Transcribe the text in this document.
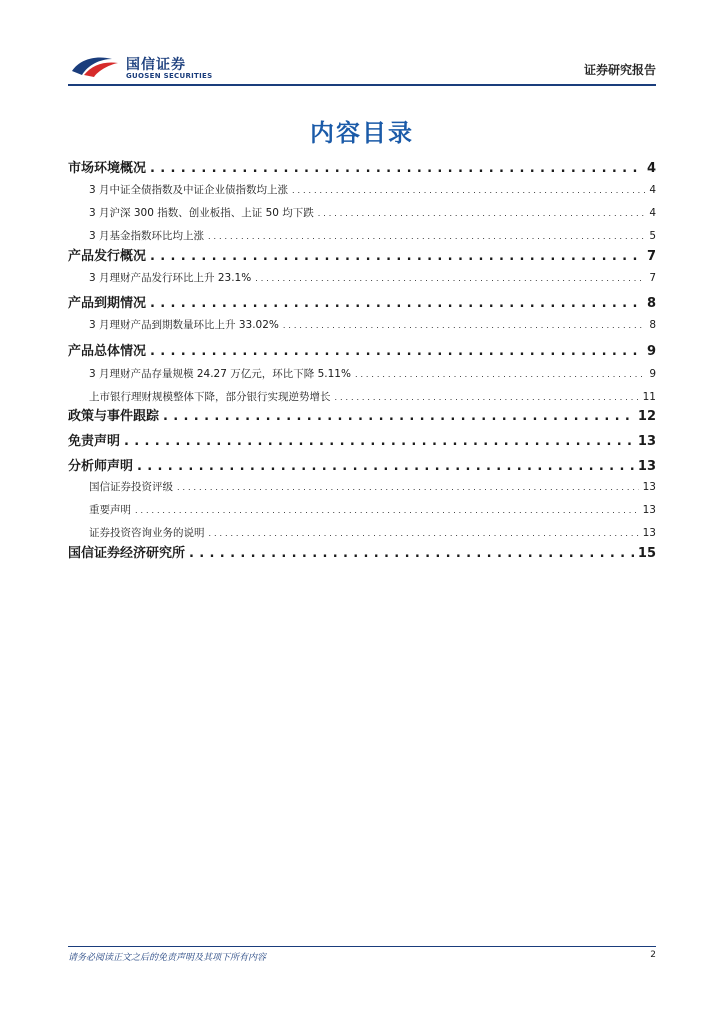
国信证券
GUOSEN SECURITIES	证券研究报告
内容目录
市场环境概况 . . .	4
3 月中证全债指数及中证企业债指数均上涨 . . .	4
3 月沪深 300 指数、创业板指、上证 50 均下跌 . . .	4
3 月基金指数环比均上涨 . . .	5
产品发行概况 . . .	7
3 月理财产品发行环比上升 23.1% . . .	7
产品到期情况 . . .	8
3 月理财产品到期数量环比上升 33.02% . . .	8
产品总体情况 . . .	9
3 月理财产品存量规模 24.27 万亿元，环比下降 5.11% . . .	9
上市银行理财规模整体下降，部分银行实现逆势增长 . . .	11
政策与事件跟踪 . . .	12
免责声明 . . .	13
分析师声明 . . .	13
国信证券投资评级 . . .	13
重要声明 . . .	13
证券投资咨询业务的说明 . . .	13
国信证券经济研究所 . . .	15
请务必阅读正文之后的免责声明及其项下所有内容	2
